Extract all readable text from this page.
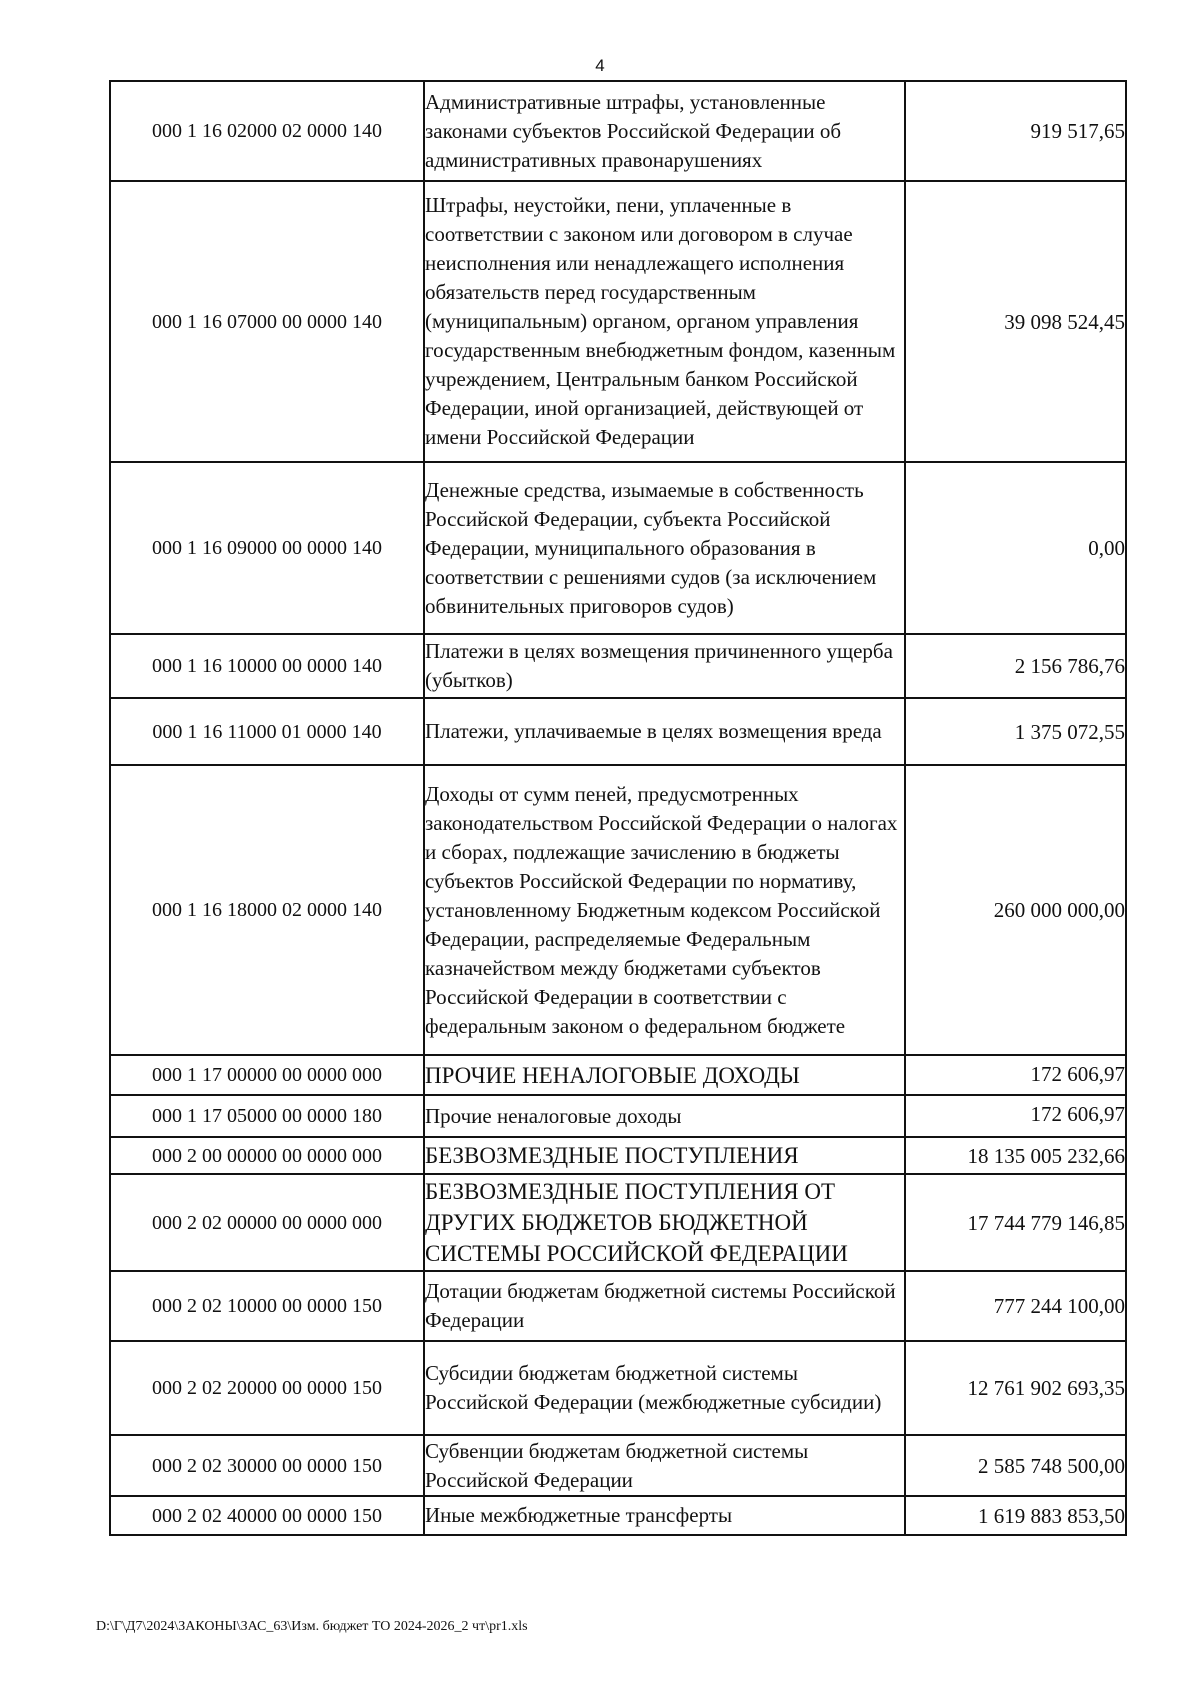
4
000 1 16 02000 02 0000 140	Административные штрафы, установленные законами субъектов Российской Федерации об административных правонарушениях	919 517,65
000 1 16 07000 00 0000 140	Штрафы, неустойки, пени, уплаченные в соответствии с законом или договором в случае неисполнения или ненадлежащего исполнения обязательств перед государственным (муниципальным) органом, органом управления государственным внебюджетным фондом, казенным учреждением, Центральным банком Российской Федерации, иной организацией, действующей от имени Российской Федерации	39 098 524,45
000 1 16 09000 00 0000 140	Денежные средства, изымаемые в собственность Российской Федерации, субъекта Российской Федерации, муниципального образования в соответствии с решениями судов (за исключением обвинительных приговоров судов)	0,00
000 1 16 10000 00 0000 140	Платежи в целях возмещения причиненного ущерба (убытков)	2 156 786,76
000 1 16 11000 01 0000 140	Платежи, уплачиваемые в целях возмещения вреда	1 375 072,55
000 1 16 18000 02 0000 140	Доходы от сумм пеней, предусмотренных законодательством Российской Федерации о налогах и сборах, подлежащие зачислению в бюджеты субъектов Российской Федерации по нормативу, установленному Бюджетным кодексом Российской Федерации, распределяемые Федеральным казначейством между бюджетами субъектов Российской Федерации в соответствии с федеральным законом о федеральном бюджете	260 000 000,00
000 1 17 00000 00 0000 000	ПРОЧИЕ НЕНАЛОГОВЫЕ ДОХОДЫ	172 606,97
000 1 17 05000 00 0000 180	Прочие неналоговые доходы	172 606,97
000 2 00 00000 00 0000 000	БЕЗВОЗМЕЗДНЫЕ ПОСТУПЛЕНИЯ	18 135 005 232,66
000 2 02 00000 00 0000 000	БЕЗВОЗМЕЗДНЫЕ ПОСТУПЛЕНИЯ ОТ ДРУГИХ БЮДЖЕТОВ БЮДЖЕТНОЙ СИСТЕМЫ РОССИЙСКОЙ ФЕДЕРАЦИИ	17 744 779 146,85
000 2 02 10000 00 0000 150	Дотации бюджетам бюджетной системы Российской Федерации	777 244 100,00
000 2 02 20000 00 0000 150	Субсидии бюджетам бюджетной системы Российской Федерации (межбюджетные субсидии)	12 761 902 693,35
000 2 02 30000 00 0000 150	Субвенции бюджетам бюджетной системы Российской Федерации	2 585 748 500,00
000 2 02 40000 00 0000 150	Иные межбюджетные трансферты	1 619 883 853,50
D:\Г\Д7\2024\ЗАКОНЫ\ЗАС_63\Изм. бюджет ТО 2024-2026_2 чт\pr1.xls
